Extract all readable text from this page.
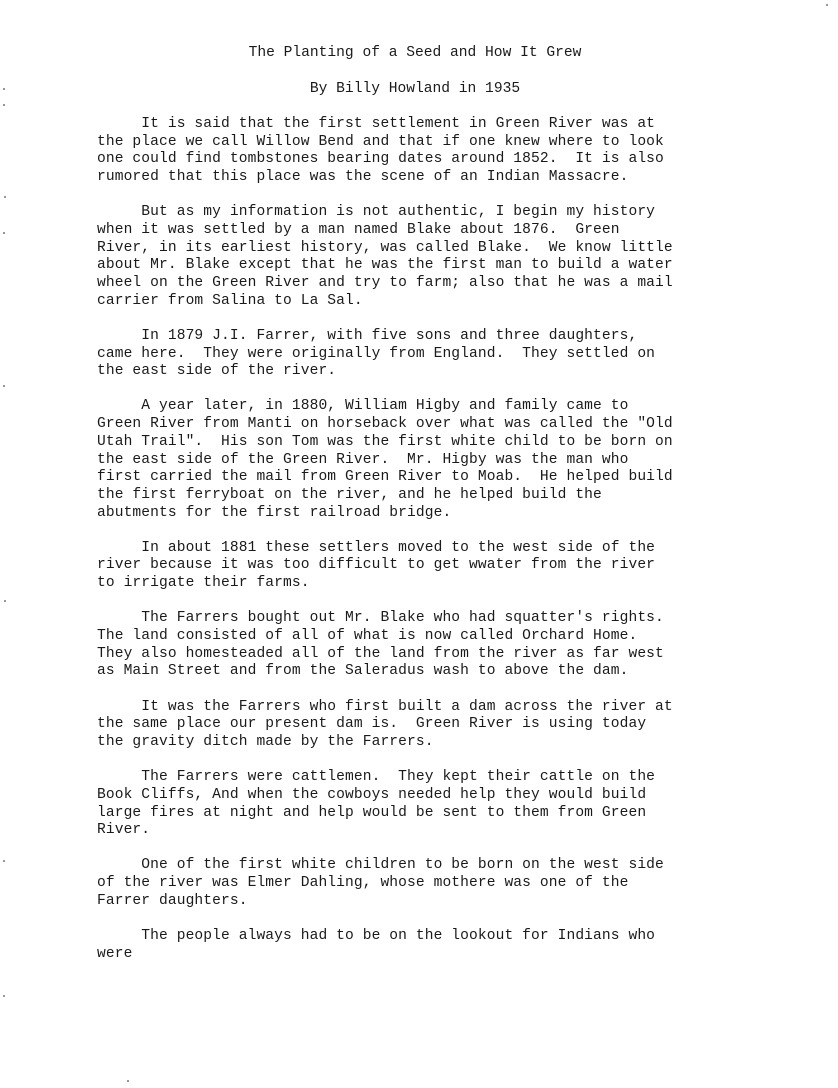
The Planting of a Seed and How It Grew
By Billy Howland in 1935
It is said that the first settlement in Green River was at
the place we call Willow Bend and that if one knew where to look
one could find tombstones bearing dates around 1852.  It is also
rumored that this place was the scene of an Indian Massacre.
But as my information is not authentic, I begin my history
when it was settled by a man named Blake about 1876.  Green
River, in its earliest history, was called Blake.  We know little
about Mr. Blake except that he was the first man to build a water
wheel on the Green River and try to farm; also that he was a mail
carrier from Salina to La Sal.
In 1879 J.I. Farrer, with five sons and three daughters,
came here.  They were originally from England.  They settled on
the east side of the river.
A year later, in 1880, William Higby and family came to
Green River from Manti on horseback over what was called the "Old
Utah Trail".  His son Tom was the first white child to be born on
the east side of the Green River.  Mr. Higby was the man who
first carried the mail from Green River to Moab.  He helped build
the first ferryboat on the river, and he helped build the
abutments for the first railroad bridge.
In about 1881 these settlers moved to the west side of the
river because it was too difficult to get wwater from the river
to irrigate their farms.
The Farrers bought out Mr. Blake who had squatter's rights.
The land consisted of all of what is now called Orchard Home.
They also homesteaded all of the land from the river as far west
as Main Street and from the Saleradus wash to above the dam.
It was the Farrers who first built a dam across the river at
the same place our present dam is.  Green River is using today
the gravity ditch made by the Farrers.
The Farrers were cattlemen.  They kept their cattle on the
Book Cliffs, And when the cowboys needed help they would build
large fires at night and help would be sent to them from Green
River.
One of the first white children to be born on the west side
of the river was Elmer Dahling, whose mothere was one of the
Farrer daughters.
The people always had to be on the lookout for Indians who
were
